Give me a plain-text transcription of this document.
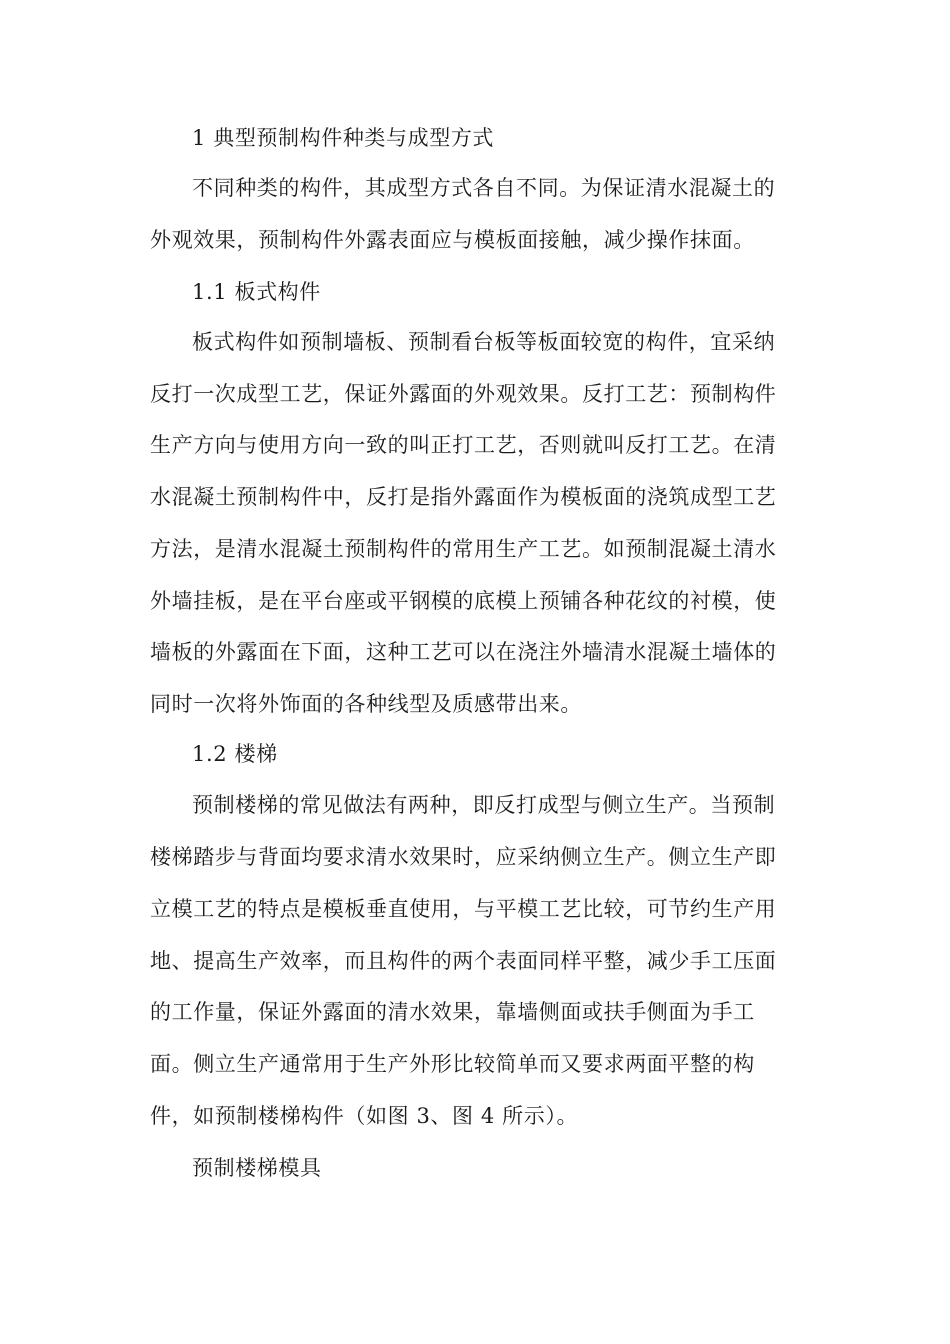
1 典型预制构件种类与成型方式
不同种类的构件，其成型方式各自不同。为保证清水混凝土的
外观效果，预制构件外露表面应与模板面接触，减少操作抹面。
1.1 板式构件
板式构件如预制墙板、预制看台板等板面较宽的构件，宜采纳
反打一次成型工艺，保证外露面的外观效果。反打工艺：预制构件
生产方向与使用方向一致的叫正打工艺，否则就叫反打工艺。在清
水混凝土预制构件中，反打是指外露面作为模板面的浇筑成型工艺
方法，是清水混凝土预制构件的常用生产工艺。如预制混凝土清水
外墙挂板，是在平台座或平钢模的底模上预铺各种花纹的衬模，使
墙板的外露面在下面，这种工艺可以在浇注外墙清水混凝土墙体的
同时一次将外饰面的各种线型及质感带出来。
1.2 楼梯
预制楼梯的常见做法有两种，即反打成型与侧立生产。当预制
楼梯踏步与背面均要求清水效果时，应采纳侧立生产。侧立生产即
立模工艺的特点是模板垂直使用，与平模工艺比较，可节约生产用
地、提高生产效率，而且构件的两个表面同样平整，减少手工压面
的工作量，保证外露面的清水效果，靠墙侧面或扶手侧面为手工
面。侧立生产通常用于生产外形比较简单而又要求两面平整的构
件，如预制楼梯构件（如图 3、图 4 所示）。
预制楼梯模具
